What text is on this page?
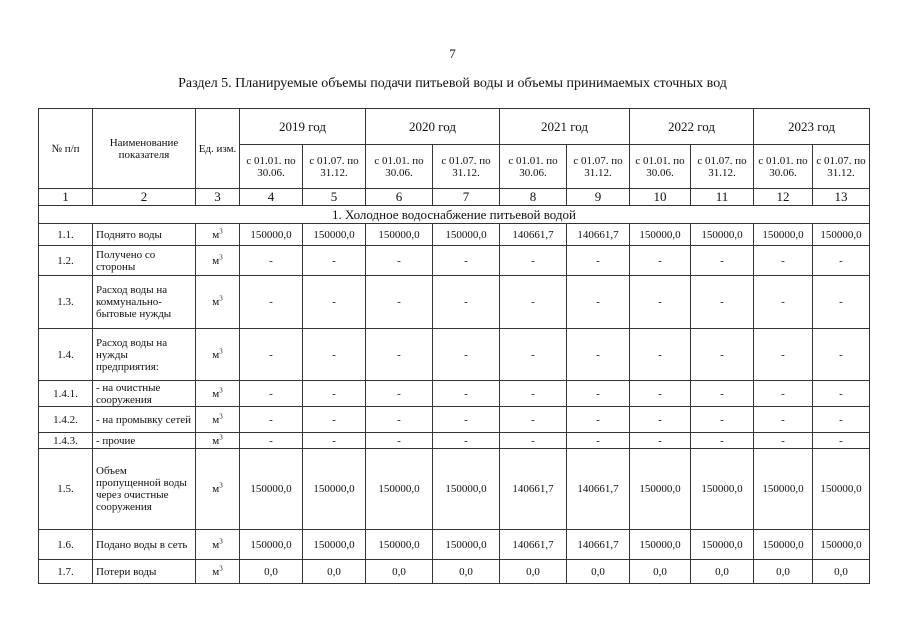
7
Раздел 5. Планируемые объемы подачи питьевой воды и объемы принимаемых сточных вод
№ п/п	Наименование показателя	Ед. изм.	2019 год		2020 год		2021 год		2022 год		2023 год	
			с 01.01. по 30.06.	с 01.07. по 31.12.	с 01.01. по 30.06.	с 01.07. по 31.12.	с 01.01. по 30.06.	с 01.07. по 31.12.	с 01.01. по 30.06.	с 01.07. по 31.12.	с 01.01. по 30.06.	с 01.07. по 31.12.
1	2	3	4	5	6	7	8	9	10	11	12	13
1. Холодное водоснабжение питьевой водой												
1.1.	Поднято воды	$м^3$	150000,0	150000,0	150000,0	150000,0	140661,7	140661,7	150000,0	150000,0	150000,0	150000,0
1.2.	Получено со стороны	$м^3$	-	-	-	-	-	-	-	-	-	-
1.3.	Расход воды на коммунально-бытовые нужды	$м^3$	-	-	-	-	-	-	-	-	-	-
1.4.	Расход воды на нужды предприятия:	$м^3$	-	-	-	-	-	-	-	-	-	-
1.4.1.	- на очистные сооружения	$м^3$	-	-	-	-	-	-	-	-	-	-
1.4.2.	- на промывку сетей	$м^3$	-	-	-	-	-	-	-	-	-	-
1.4.3.	- прочие	$м^3$	-	-	-	-	-	-	-	-	-	-
1.5.	Объем пропущенной воды через очистные сооружения	$м^3$	150000,0	150000,0	150000,0	150000,0	140661,7	140661,7	150000,0	150000,0	150000,0	150000,0
1.6.	Подано воды в сеть	$м^3$	150000,0	150000,0	150000,0	150000,0	140661,7	140661,7	150000,0	150000,0	150000,0	150000,0
1.7.	Потери воды	$м^3$	0,0	0,0	0,0	0,0	0,0	0,0	0,0	0,0	0,0	0,0
